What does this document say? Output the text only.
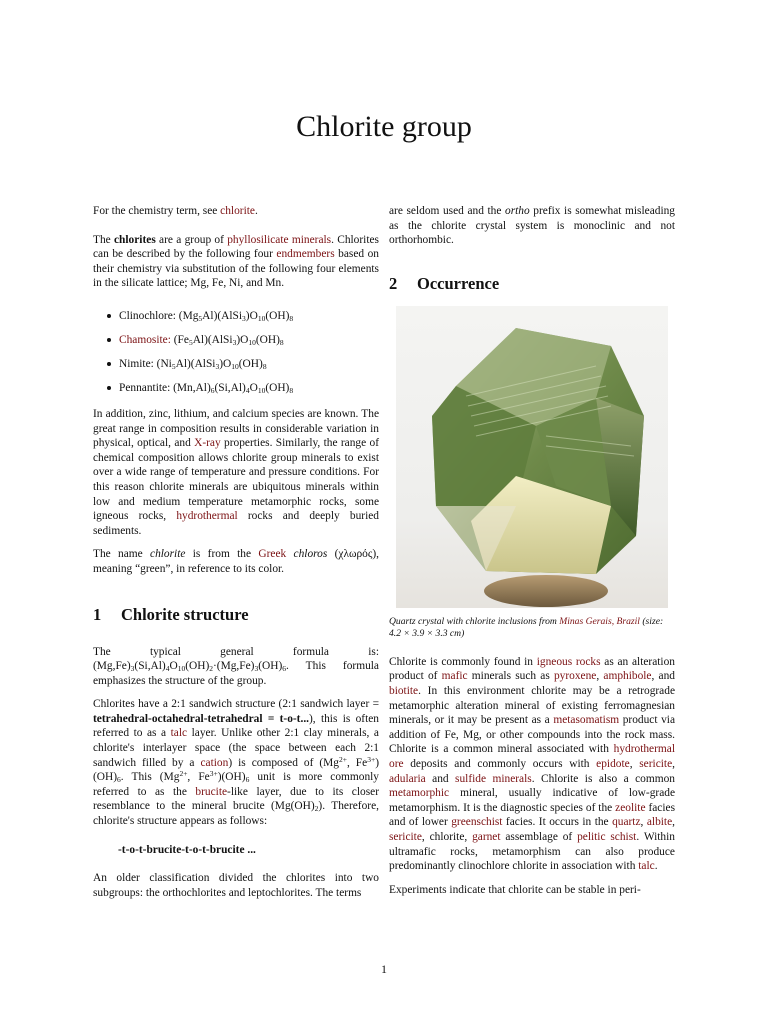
Chlorite group

For the chemistry term, see chlorite.

The chlorites are a group of phyllosilicate minerals. Chlorites can be described by the following four endmembers based on their chemistry via substitution of the following four elements in the silicate lattice; Mg, Fe, Ni, and Mn.

Clinochlore: $(Mg_5Al)(AlSi_3)O_{10}(OH)_8$
Chamosite: $(Fe_5Al)(AlSi_3)O_{10}(OH)_8$
Nimite: $(Ni_5Al)(AlSi_3)O_{10}(OH)_8$
Pennantite: $(Mn,Al)_6(Si,Al)_4O_{10}(OH)_8$

In addition, zinc, lithium, and calcium species are known. The great range in composition results in considerable variation in physical, optical, and X-ray properties. Similarly, the range of chemical composition allows chlorite group minerals to exist over a wide range of temperature and pressure conditions. For this reason chlorite minerals are ubiquitous minerals within low and medium temperature metamorphic rocks, some igneous rocks, hydrothermal rocks and deeply buried sediments.

The name chlorite is from the Greek chloros (χλωρός), meaning “green”, in reference to its color.

1 Chlorite structure

The typical general formula is: $(Mg,Fe)_3(Si,Al)_4O_{10}(OH)_2\cdot(Mg,Fe)_3(OH)_6$. This formula emphasizes the structure of the group.

Chlorites have a 2:1 sandwich structure (2:1 sandwich layer = tetrahedral-octahedral-tetrahedral = t-o-t...), this is often referred to as a talc layer. Unlike other 2:1 clay minerals, a chlorite's interlayer space (the space between each 2:1 sandwich filled by a cation) is composed of ($Mg^{2+}$, $Fe^{3+})(OH)_6$. This ($Mg^{2+}$, $Fe^{3+})(OH)_6$ unit is more commonly referred to as the brucite-like layer, due to its closer resemblance to the mineral brucite $(Mg(OH)_2)$. Therefore, chlorite's structure appears as follows:

-t-o-t-brucite-t-o-t-brucite ...

An older classification divided the chlorites into two subgroups: the orthochlorites and leptochlorites. The terms

are seldom used and the ortho prefix is somewhat misleading as the chlorite crystal system is monoclinic and not orthorhombic.

2 Occurrence

Quartz crystal with chlorite inclusions from Minas Gerais, Brazil (size: 4.2 × 3.9 × 3.3 cm)

Chlorite is commonly found in igneous rocks as an alteration product of mafic minerals such as pyroxene, amphibole, and biotite. In this environment chlorite may be a retrograde metamorphic alteration mineral of existing ferromagnesian minerals, or it may be present as a metasomatism product via addition of Fe, Mg, or other compounds into the rock mass. Chlorite is a common mineral associated with hydrothermal ore deposits and commonly occurs with epidote, sericite, adularia and sulfide minerals. Chlorite is also a common metamorphic mineral, usually indicative of low-grade metamorphism. It is the diagnostic species of the zeolite facies and of lower greenschist facies. It occurs in the quartz, albite, sericite, chlorite, garnet assemblage of pelitic schist. Within ultramafic rocks, metamorphism can also produce predominantly clinochlore chlorite in association with talc.

Experiments indicate that chlorite can be stable in peri-

1
